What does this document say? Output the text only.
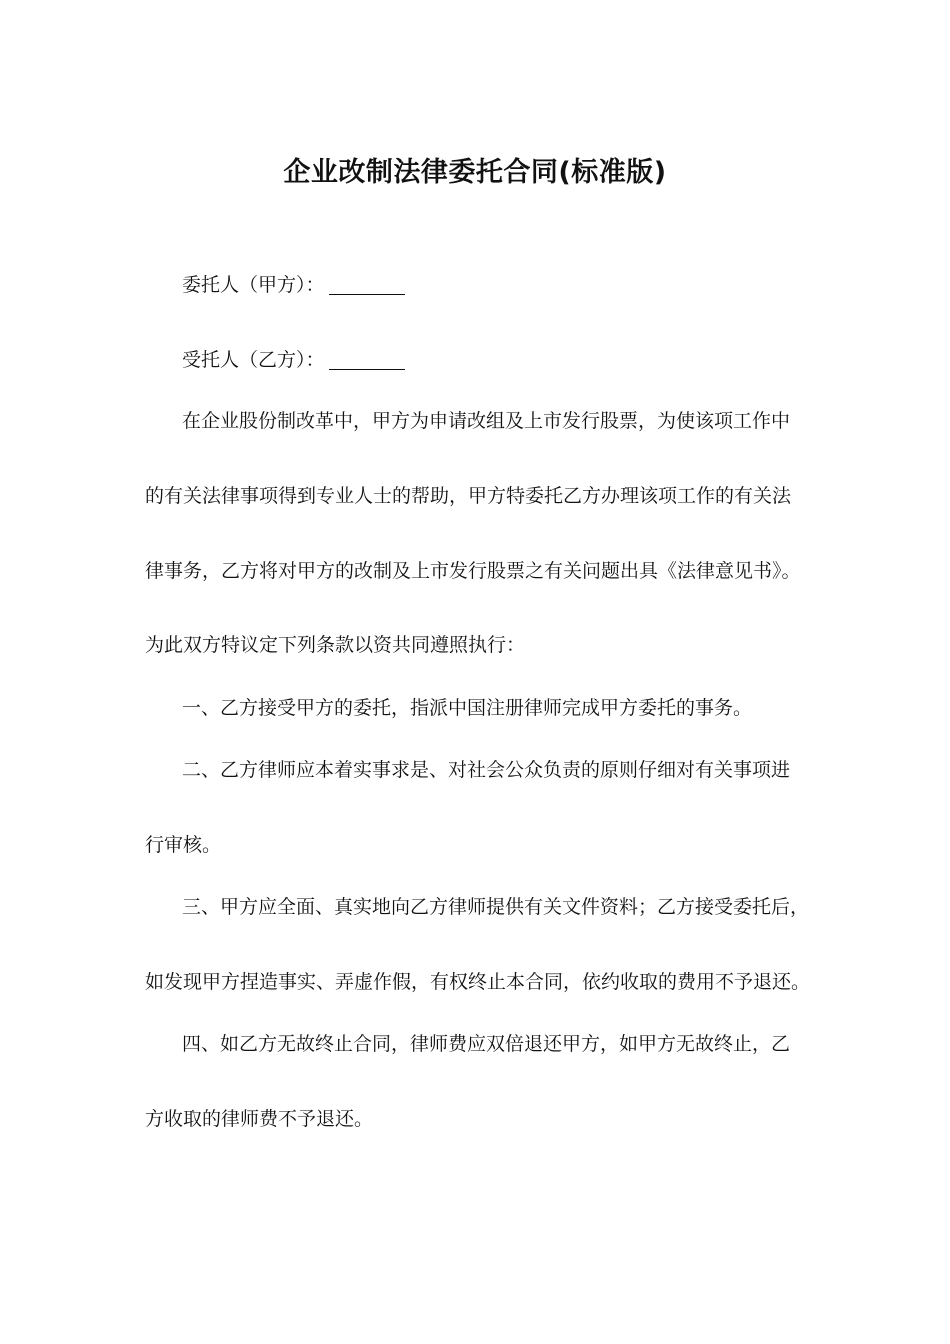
企业改制法律委托合同(标准版)
委托人（甲方）：
受托人（乙方）：
在企业股份制改革中，甲方为申请改组及上市发行股票，为使该项工作中
的有关法律事项得到专业人士的帮助，甲方特委托乙方办理该项工作的有关法
律事务，乙方将对甲方的改制及上市发行股票之有关问题出具《法律意见书》。
为此双方特议定下列条款以资共同遵照执行：
一、乙方接受甲方的委托，指派中国注册律师完成甲方委托的事务。
二、乙方律师应本着实事求是、对社会公众负责的原则仔细对有关事项进
行审核。
三、甲方应全面、真实地向乙方律师提供有关文件资料；乙方接受委托后，
如发现甲方捏造事实、弄虚作假，有权终止本合同，依约收取的费用不予退还。
四、如乙方无故终止合同，律师费应双倍退还甲方，如甲方无故终止，乙
方收取的律师费不予退还。
